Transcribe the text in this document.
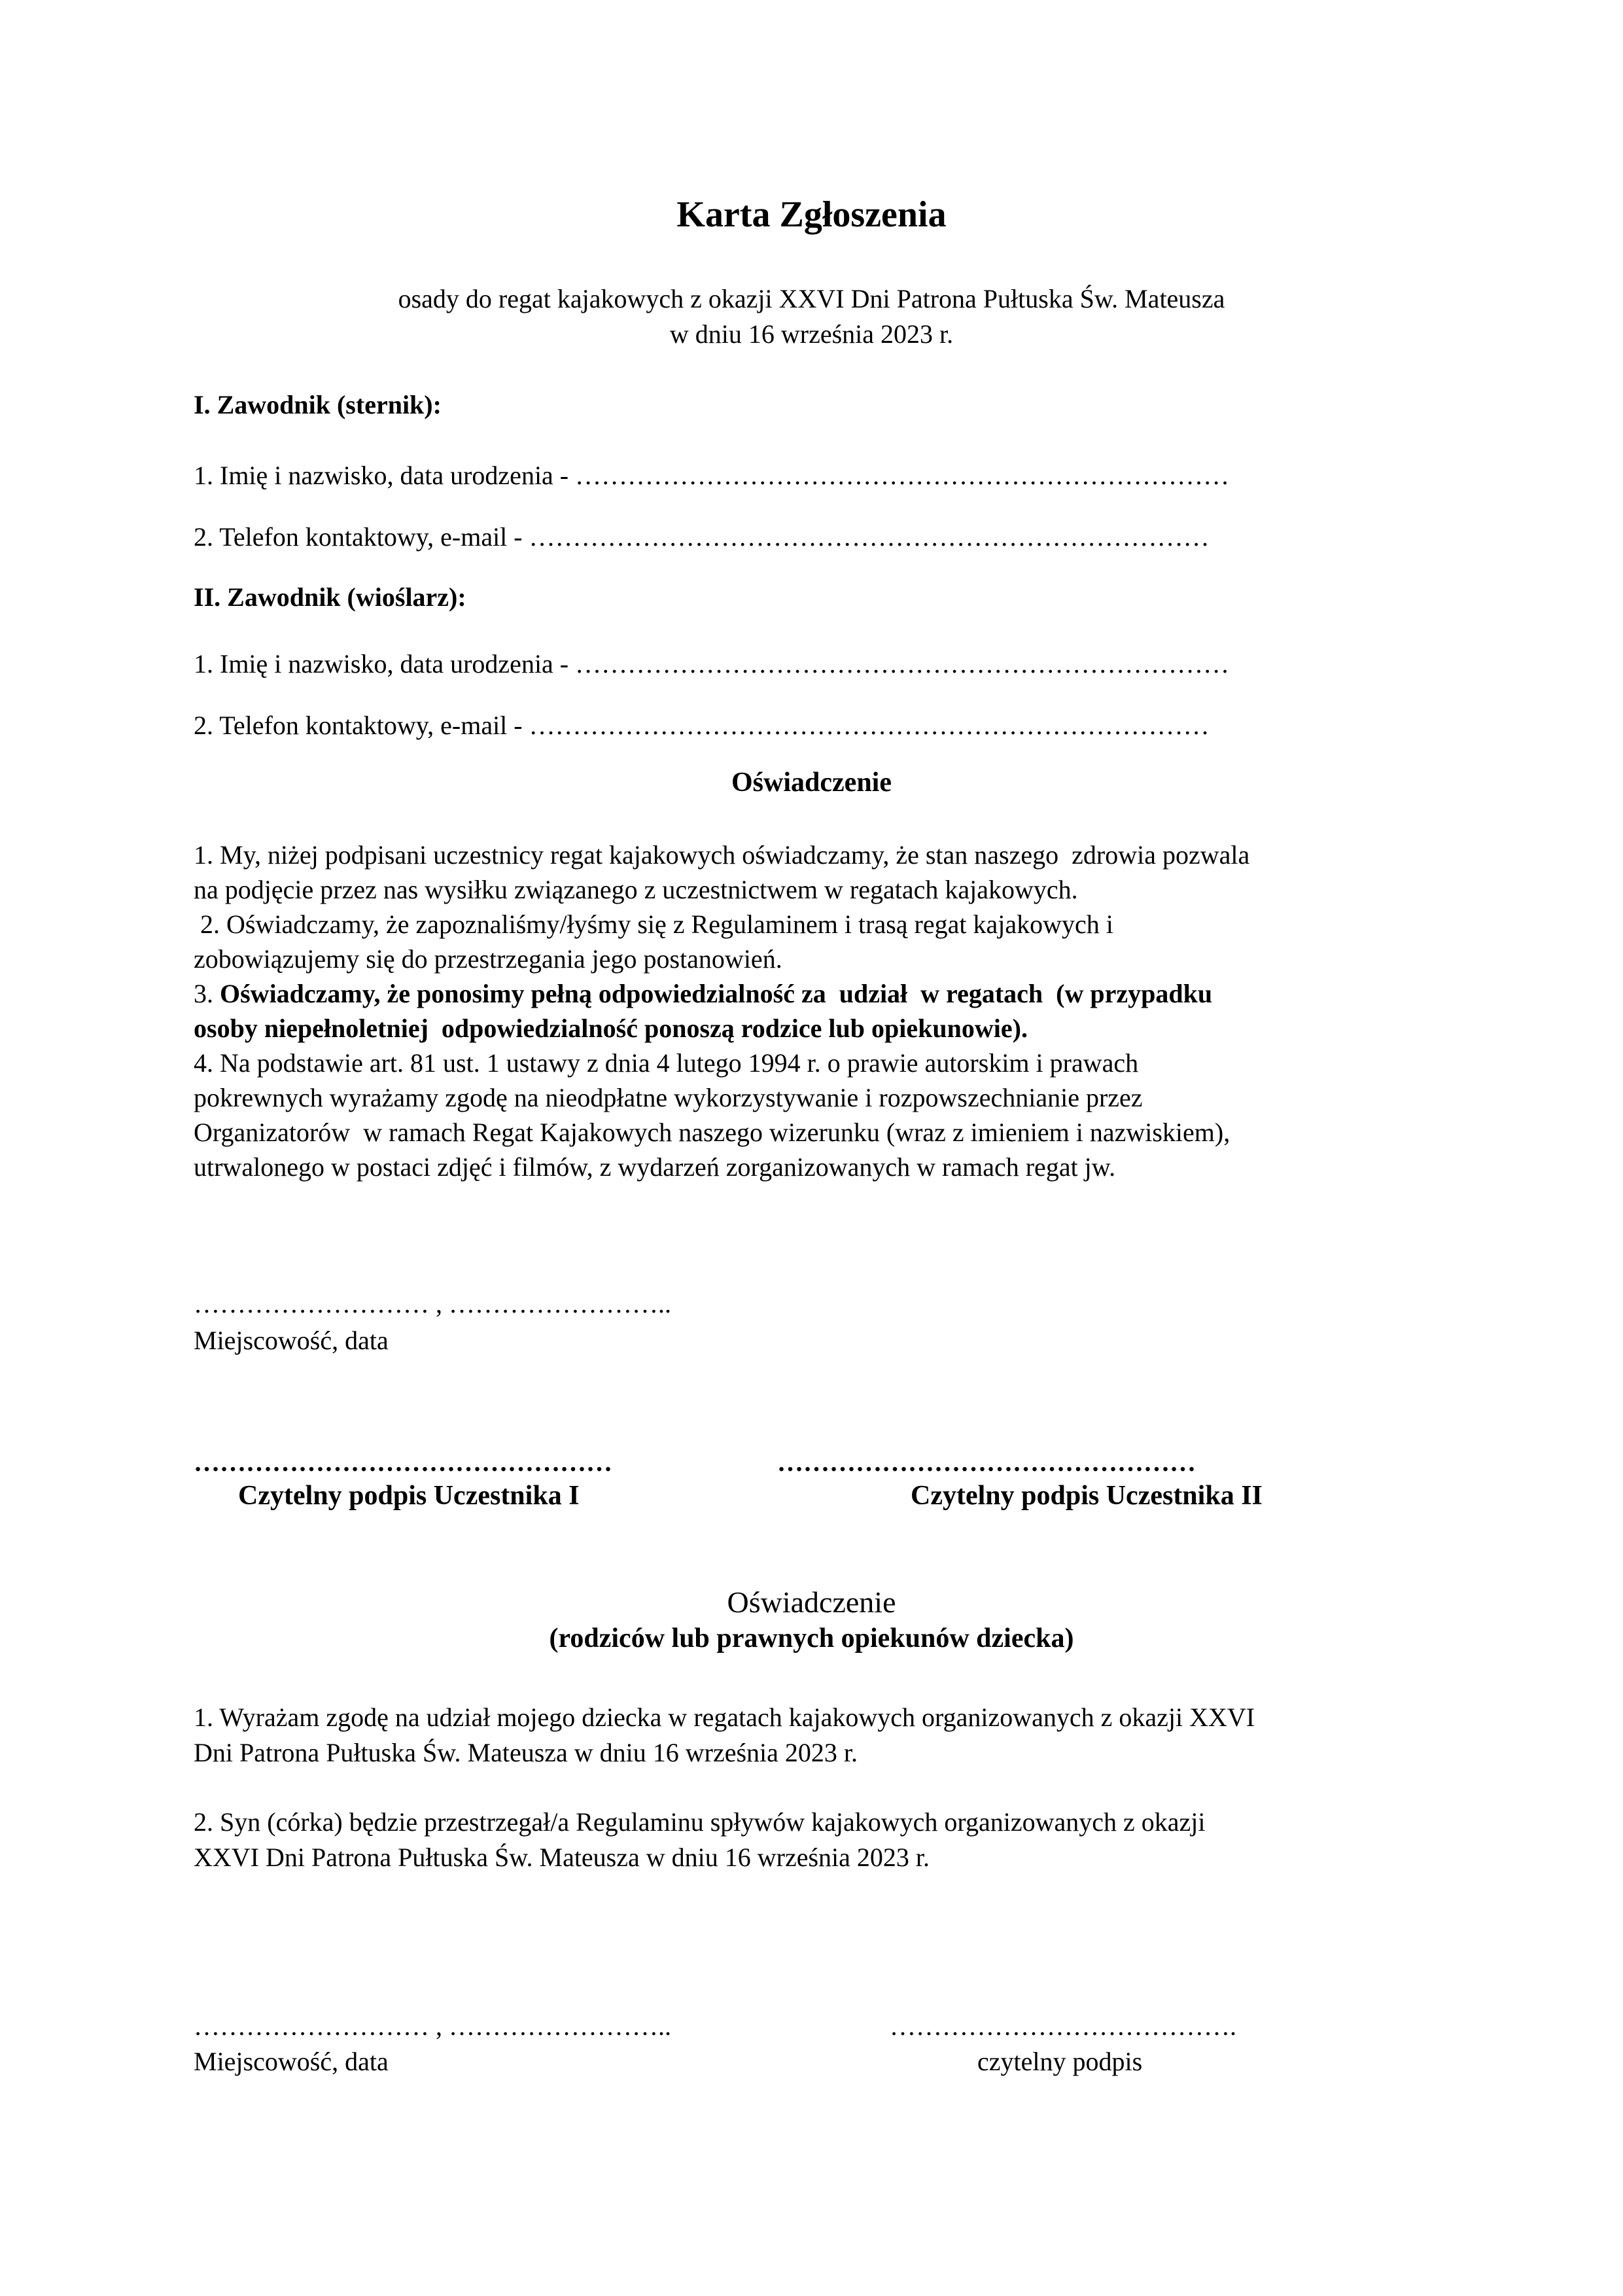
Karta Zgłoszenia
osady do regat kajakowych z okazji XXVI Dni Patrona Pułtuska Św. Mateusza
w dniu 16 września 2023 r.
I. Zawodnik (sternik):
1. Imię i nazwisko, data urodzenia - …………………………………………………………………
2. Telefon kontaktowy, e-mail - ……………………………………………………………………
II. Zawodnik (wioślarz):
1. Imię i nazwisko, data urodzenia - …………………………………………………………………
2. Telefon kontaktowy, e-mail - ……………………………………………………………………
Oświadczenie

1. My, niżej podpisani uczestnicy regat kajakowych oświadczamy, że stan naszego  zdrowia pozwala

na podjęcie przez nas wysiłku związanego z uczestnictwem w regatach kajakowych.

2. Oświadczamy, że zapoznaliśmy/łyśmy się z Regulaminem i trasą regat kajakowych i

zobowiązujemy się do przestrzegania jego postanowień.

3. Oświadczamy, że ponosimy pełną odpowiedzialność za  udział  w regatach  (w przypadku

osoby niepełnoletniej  odpowiedzialność ponoszą rodzice lub opiekunowie).

4. Na podstawie art. 81 ust. 1 ustawy z dnia 4 lutego 1994 r. o prawie autorskim i prawach

pokrewnych wyrażamy zgodę na nieodpłatne wykorzystywanie i rozpowszechnianie przez

Organizatorów  w ramach Regat Kajakowych naszego wizerunku (wraz z imieniem i nazwiskiem),

utrwalonego w postaci zdjęć i filmów, z wydarzeń zorganizowanych w ramach regat jw.

……………………… , ……………………..
Miejscowość, data
…………………………………………
Czytelny podpis Uczestnika I
…………………………………………
Czytelny podpis Uczestnika II
Oświadczenie
(rodziców lub prawnych opiekunów dziecka)
1. Wyrażam zgodę na udział mojego dziecka w regatach kajakowych organizowanych z okazji XXVI
Dni Patrona Pułtuska Św. Mateusza w dniu 16 września 2023 r.
2. Syn (córka) będzie przestrzegał/a Regulaminu spływów kajakowych organizowanych z okazji
XXVI Dni Patrona Pułtuska Św. Mateusza w dniu 16 września 2023 r.
……………………… , ……………………..
Miejscowość, data
………………………………….
czytelny podpis
